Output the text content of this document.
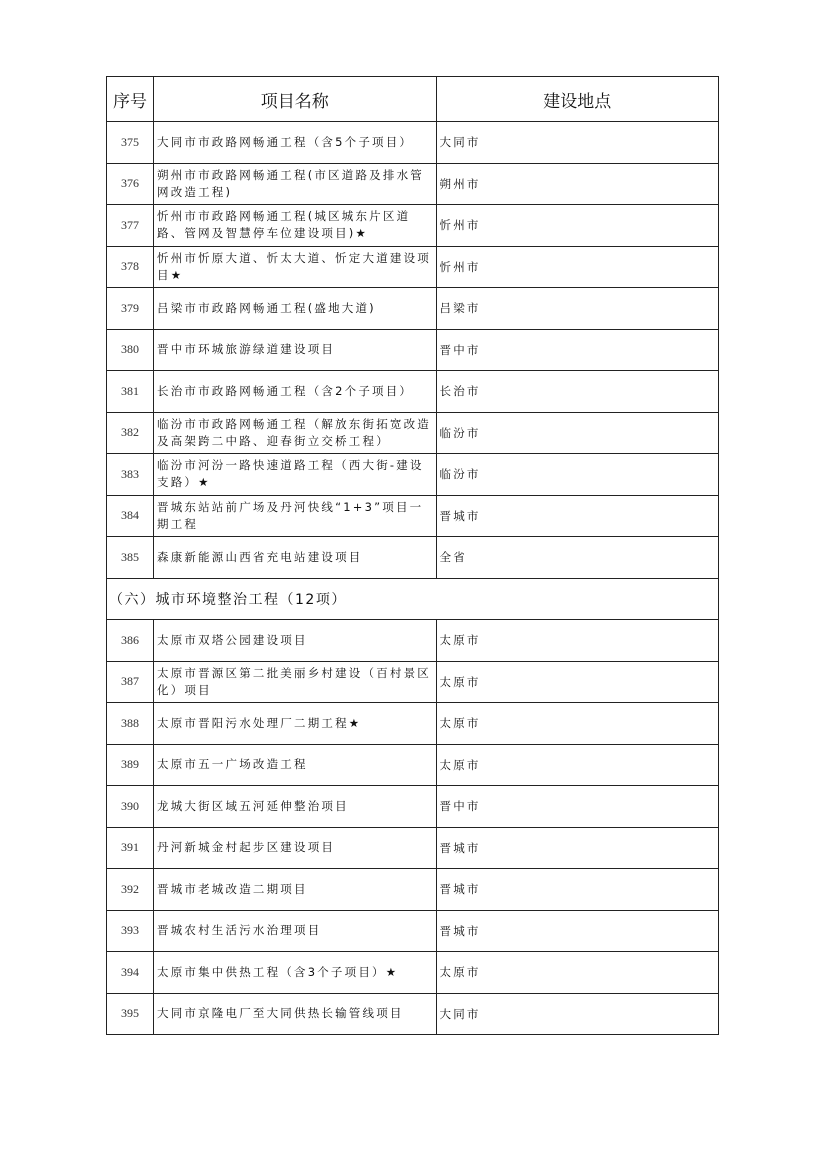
序号	项目名称	建设地点
375	大同市市政路网畅通工程（含5个子项目）	大同市
376	朔州市市政路网畅通工程(市区道路及排水管网改造工程)	朔州市
377	忻州市市政路网畅通工程(城区城东片区道路、管网及智慧停车位建设项目)★	忻州市
378	忻州市忻原大道、忻太大道、忻定大道建设项目★	忻州市
379	吕梁市市政路网畅通工程(盛地大道)	吕梁市
380	晋中市环城旅游绿道建设项目	晋中市
381	长治市市政路网畅通工程（含2个子项目）	长治市
382	临汾市市政路网畅通工程（解放东街拓宽改造及高架跨二中路、迎春街立交桥工程）	临汾市
383	临汾市河汾一路快速道路工程（西大街-建设支路）★	临汾市
384	晋城东站站前广场及丹河快线“1+3”项目一期工程	晋城市
385	森康新能源山西省充电站建设项目	全省
（六）城市环境整治工程（12项）		
386	太原市双塔公园建设项目	太原市
387	太原市晋源区第二批美丽乡村建设（百村景区化）项目	太原市
388	太原市晋阳污水处理厂二期工程★	太原市
389	太原市五一广场改造工程	太原市
390	龙城大街区域五河延伸整治项目	晋中市
391	丹河新城金村起步区建设项目	晋城市
392	晋城市老城改造二期项目	晋城市
393	晋城农村生活污水治理项目	晋城市
394	太原市集中供热工程（含3个子项目）★	太原市
395	大同市京隆电厂至大同供热长输管线项目	大同市
